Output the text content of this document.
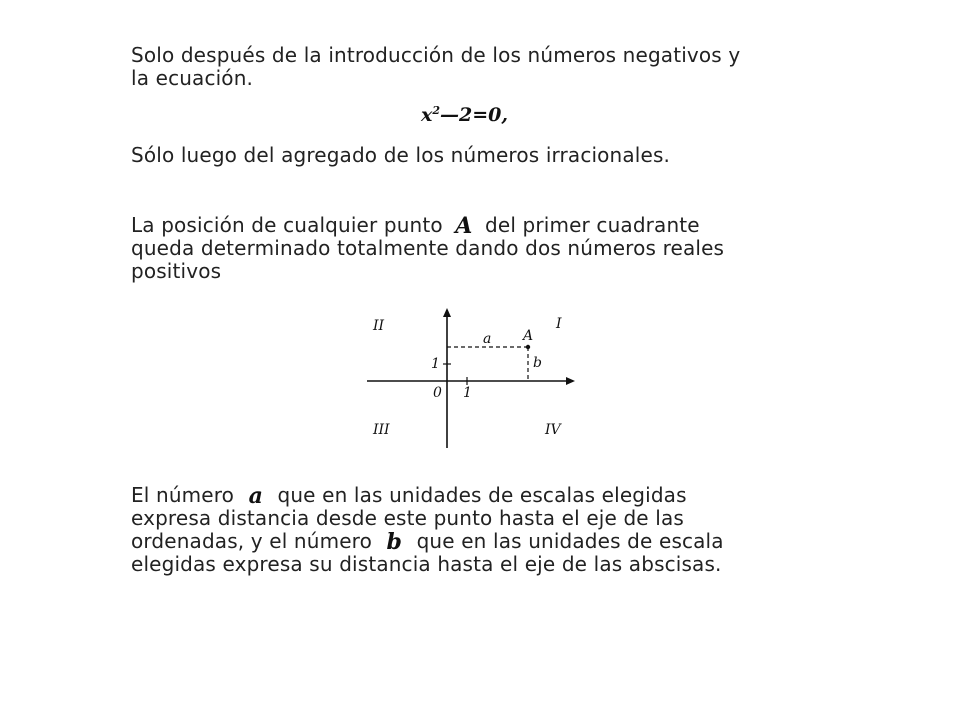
Solo después de la introducción de los números negativos y
la ecuación.
$x^2—2=0$,
Sólo luego del agregado de los números irracionales.
La posición de cualquier punto A del primer cuadrante
queda determinado totalmente dando dos números reales
positivos
II	I
III	IV
a A
b
0 1
1
El número a que en las unidades de escalas elegidas
expresa distancia desde este punto hasta el eje de las
ordenadas, y el número b que en las unidades de escala
elegidas expresa su distancia hasta el eje de las abscisas.
